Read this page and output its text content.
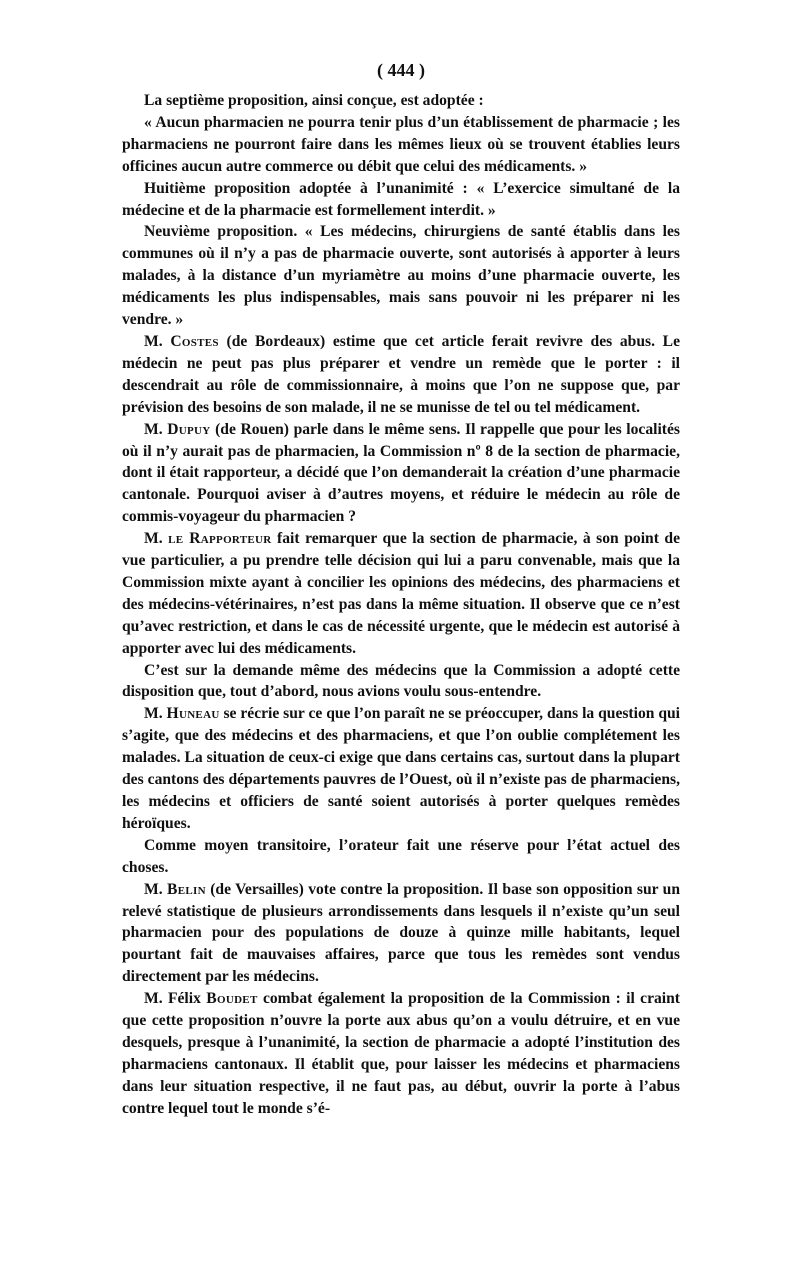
( 444 )

La septième proposition, ainsi conçue, est adoptée :

« Aucun pharmacien ne pourra tenir plus d’un établissement de pharmacie ; les pharmaciens ne pourront faire dans les mêmes lieux où se trouvent établies leurs officines aucun autre commerce ou débit que celui des médicaments. »

Huitième proposition adoptée à l’unanimité : « L’exercice simultané de la médecine et de la pharmacie est formellement interdit. »

Neuvième proposition. « Les médecins, chirurgiens de santé établis dans les communes où il n’y a pas de pharmacie ouverte, sont autorisés à apporter à leurs malades, à la distance d’un myriamètre au moins d’une pharmacie ouverte, les médicaments les plus indispensables, mais sans pouvoir ni les préparer ni les vendre. »

M. Costes (de Bordeaux) estime que cet article ferait revivre des abus. Le médecin ne peut pas plus préparer et vendre un remède que le porter : il descendrait au rôle de commissionnaire, à moins que l’on ne suppose que, par prévision des besoins de son malade, il ne se munisse de tel ou tel médicament.

M. Dupuy (de Rouen) parle dans le même sens. Il rappelle que pour les localités où il n’y aurait pas de pharmacien, la Commission nº 8 de la section de pharmacie, dont il était rapporteur, a décidé que l’on demanderait la création d’une pharmacie cantonale. Pourquoi aviser à d’autres moyens, et réduire le médecin au rôle de commis-voyageur du pharmacien ?

M. le Rapporteur fait remarquer que la section de pharmacie, à son point de vue particulier, a pu prendre telle décision qui lui a paru convenable, mais que la Commission mixte ayant à concilier les opinions des médecins, des pharmaciens et des médecins-vétérinaires, n’est pas dans la même situation. Il observe que ce n’est qu’avec restriction, et dans le cas de nécessité urgente, que le médecin est autorisé à apporter avec lui des médicaments.

C’est sur la demande même des médecins que la Commission a adopté cette disposition que, tout d’abord, nous avions voulu sous-entendre.

M. Huneau se récrie sur ce que l’on paraît ne se préoccuper, dans la question qui s’agite, que des médecins et des pharmaciens, et que l’on oublie complétement les malades. La situation de ceux-ci exige que dans certains cas, surtout dans la plupart des cantons des départements pauvres de l’Ouest, où il n’existe pas de pharmaciens, les médecins et officiers de santé soient autorisés à porter quelques remèdes héroïques.

Comme moyen transitoire, l’orateur fait une réserve pour l’état actuel des choses.

M. Belin (de Versailles) vote contre la proposition. Il base son opposition sur un relevé statistique de plusieurs arrondissements dans lesquels il n’existe qu’un seul pharmacien pour des populations de douze à quinze mille habitants, lequel pourtant fait de mauvaises affaires, parce que tous les remèdes sont vendus directement par les médecins.

M. Félix Boudet combat également la proposition de la Commission : il craint que cette proposition n’ouvre la porte aux abus qu’on a voulu détruire, et en vue desquels, presque à l’unanimité, la section de pharmacie a adopté l’institution des pharmaciens cantonaux. Il établit que, pour laisser les médecins et pharmaciens dans leur situation respective, il ne faut pas, au début, ouvrir la porte à l’abus contre lequel tout le monde s’é-
